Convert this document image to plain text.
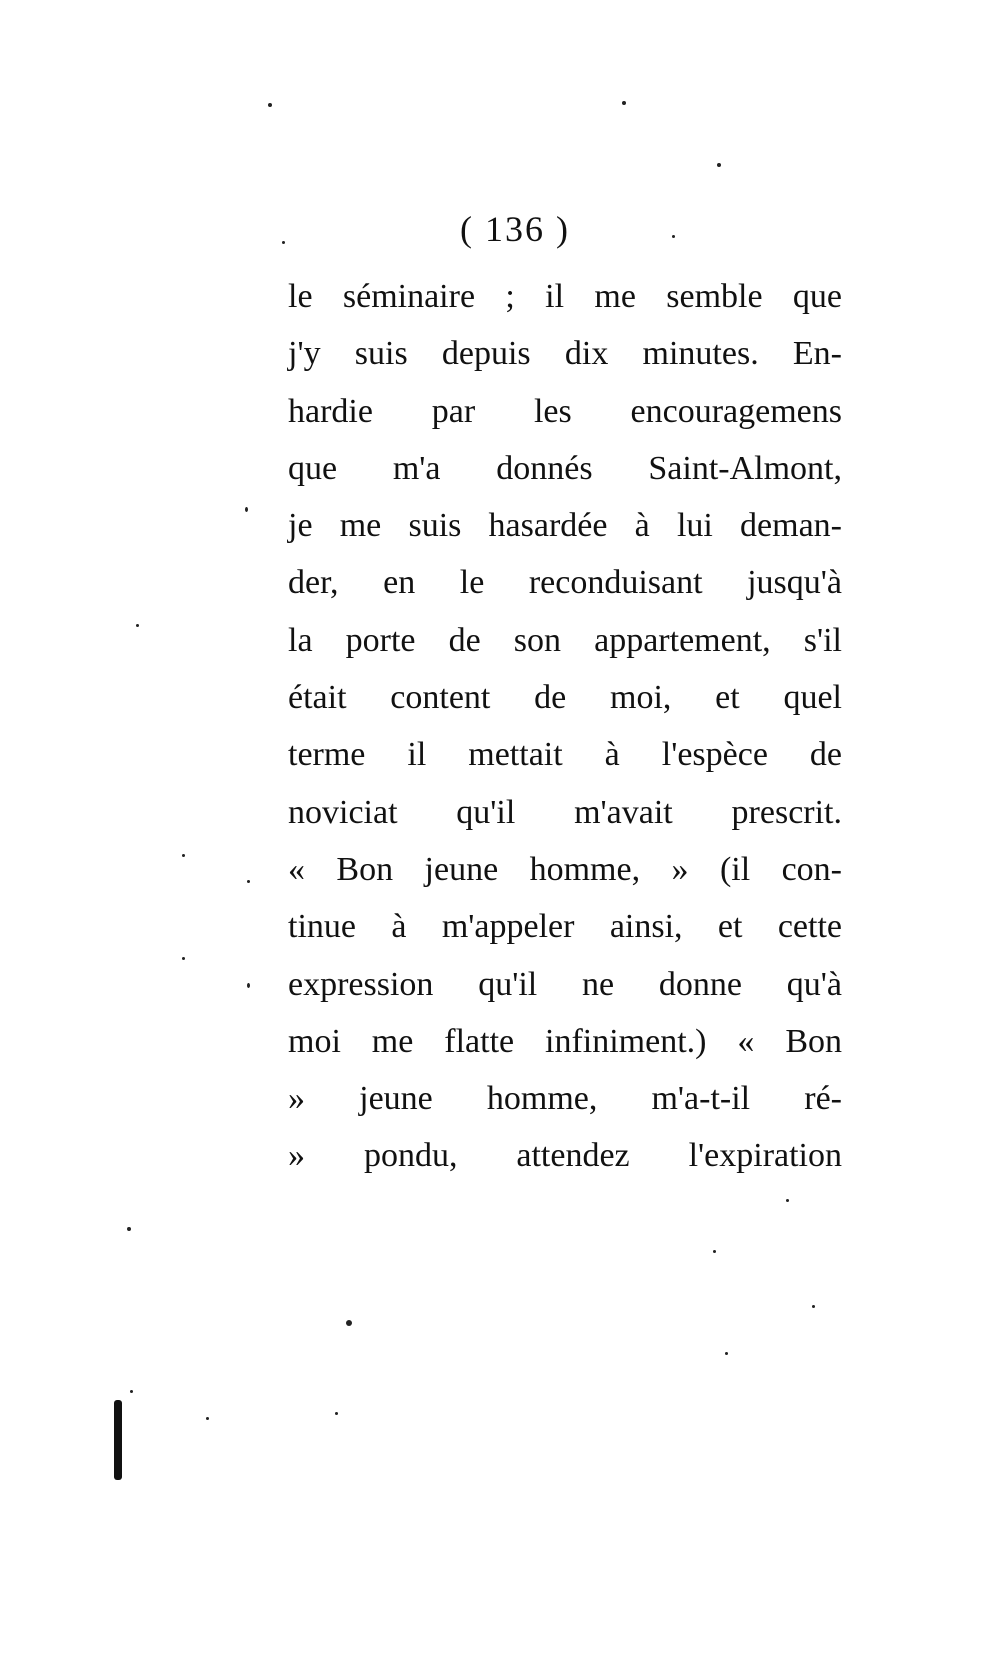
( 136 )
le séminaire ; il me semble que
j'y suis depuis dix minutes. En-
hardie par les encouragemens
que m'a donnés Saint-Almont,
je me suis hasardée à lui deman-
der, en le reconduisant jusqu'à
la porte de son appartement, s'il
était content de moi, et quel
terme il mettait à l'espèce de
noviciat qu'il m'avait prescrit.
« Bon jeune homme, » (il con-
tinue à m'appeler ainsi, et cette
expression qu'il ne donne qu'à
moi me flatte infiniment.) « Bon
» jeune homme, m'a-t-il ré-
» pondu, attendez l'expiration
